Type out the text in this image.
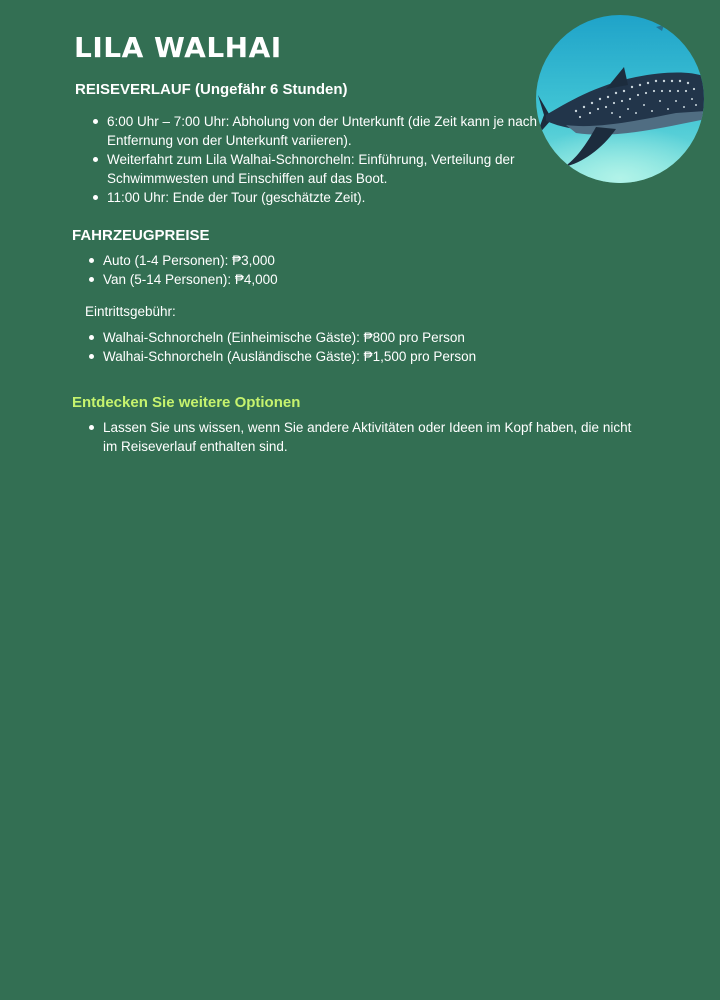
LILA WALHAI
REISEVERLAUF (Ungefähr 6 Stunden)
6:00 Uhr – 7:00 Uhr: Abholung von der Unterkunft (die Zeit kann je nach Entfernung von der Unterkunft variieren).
Weiterfahrt zum Lila Walhai-Schnorcheln: Einführung, Verteilung der Schwimmwesten und Einschiffen auf das Boot.
11:00 Uhr: Ende der Tour (geschätzte Zeit).
FAHRZEUGPREISE
Auto (1-4 Personen): ₱3,000
Van (5-14 Personen): ₱4,000

Eintrittsgebühr:

Walhai-Schnorcheln (Einheimische Gäste): ₱800 pro Person
Walhai-Schnorcheln (Ausländische Gäste): ₱1,500 pro Person
Entdecken Sie weitere Optionen
Lassen Sie uns wissen, wenn Sie andere Aktivitäten oder Ideen im Kopf haben, die nicht im Reiseverlauf enthalten sind.
